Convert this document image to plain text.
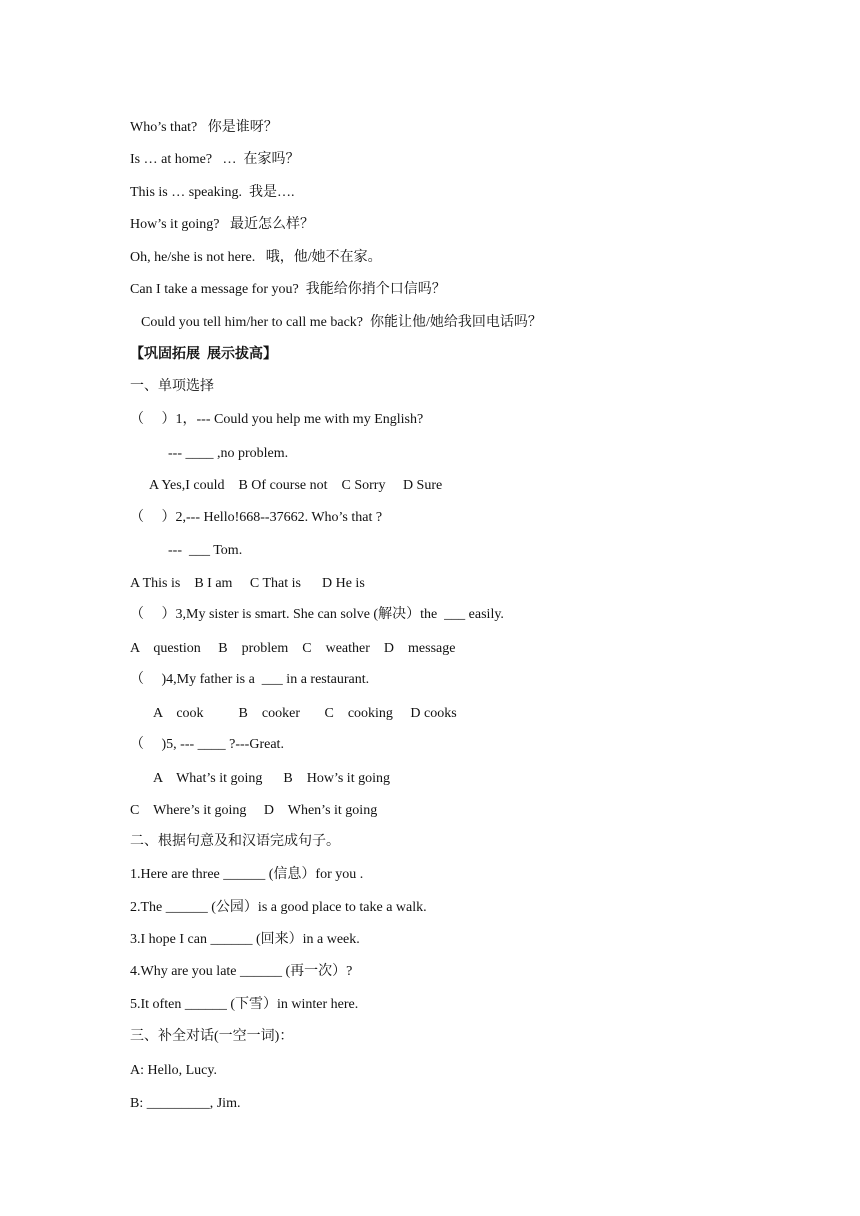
Who’s that?   你是谁呀？
Is … at home?   …  在家吗？
This is … speaking.  我是….
How’s it going?   最近怎么样？
Oh, he/she is not here.   哦，他/她不在家。
Can I take a message for you?  我能给你捎个口信吗？
Could you tell him/her to call me back?  你能让他/她给我回电话吗？
【巩固拓展  展示拔高】
一、单项选择
（     ）1，--- Could you help me with my English?
--- ____ ,no problem.
A Yes,I could    B Of course not    C Sorry     D Sure
（     ）2,--- Hello!668--37662. Who’s that ?
---  ___ Tom.
A This is    B I am     C That is      D He is
（     ）3,My sister is smart. She can solve (解决）the  ___ easily.
A    question     B    problem    C    weather    D    message
（     )4,My father is a  ___ in a restaurant.
A    cook          B    cooker       C    cooking     D cooks
（     )5, --- ____ ?---Great.
A    What’s it going      B    How’s it going
C    Where’s it going     D    When’s it going
二、根据句意及和汉语完成句子。
1.Here are three ______ (信息）for you .
2.The ______ (公园）is a good place to take a walk.
3.I hope I can ______ (回来）in a week.
4.Why are you late ______ (再一次）?
5.It often ______ (下雪）in winter here.
三、补全对话(一空一词)：
A: Hello, Lucy.
B: _________, Jim.
